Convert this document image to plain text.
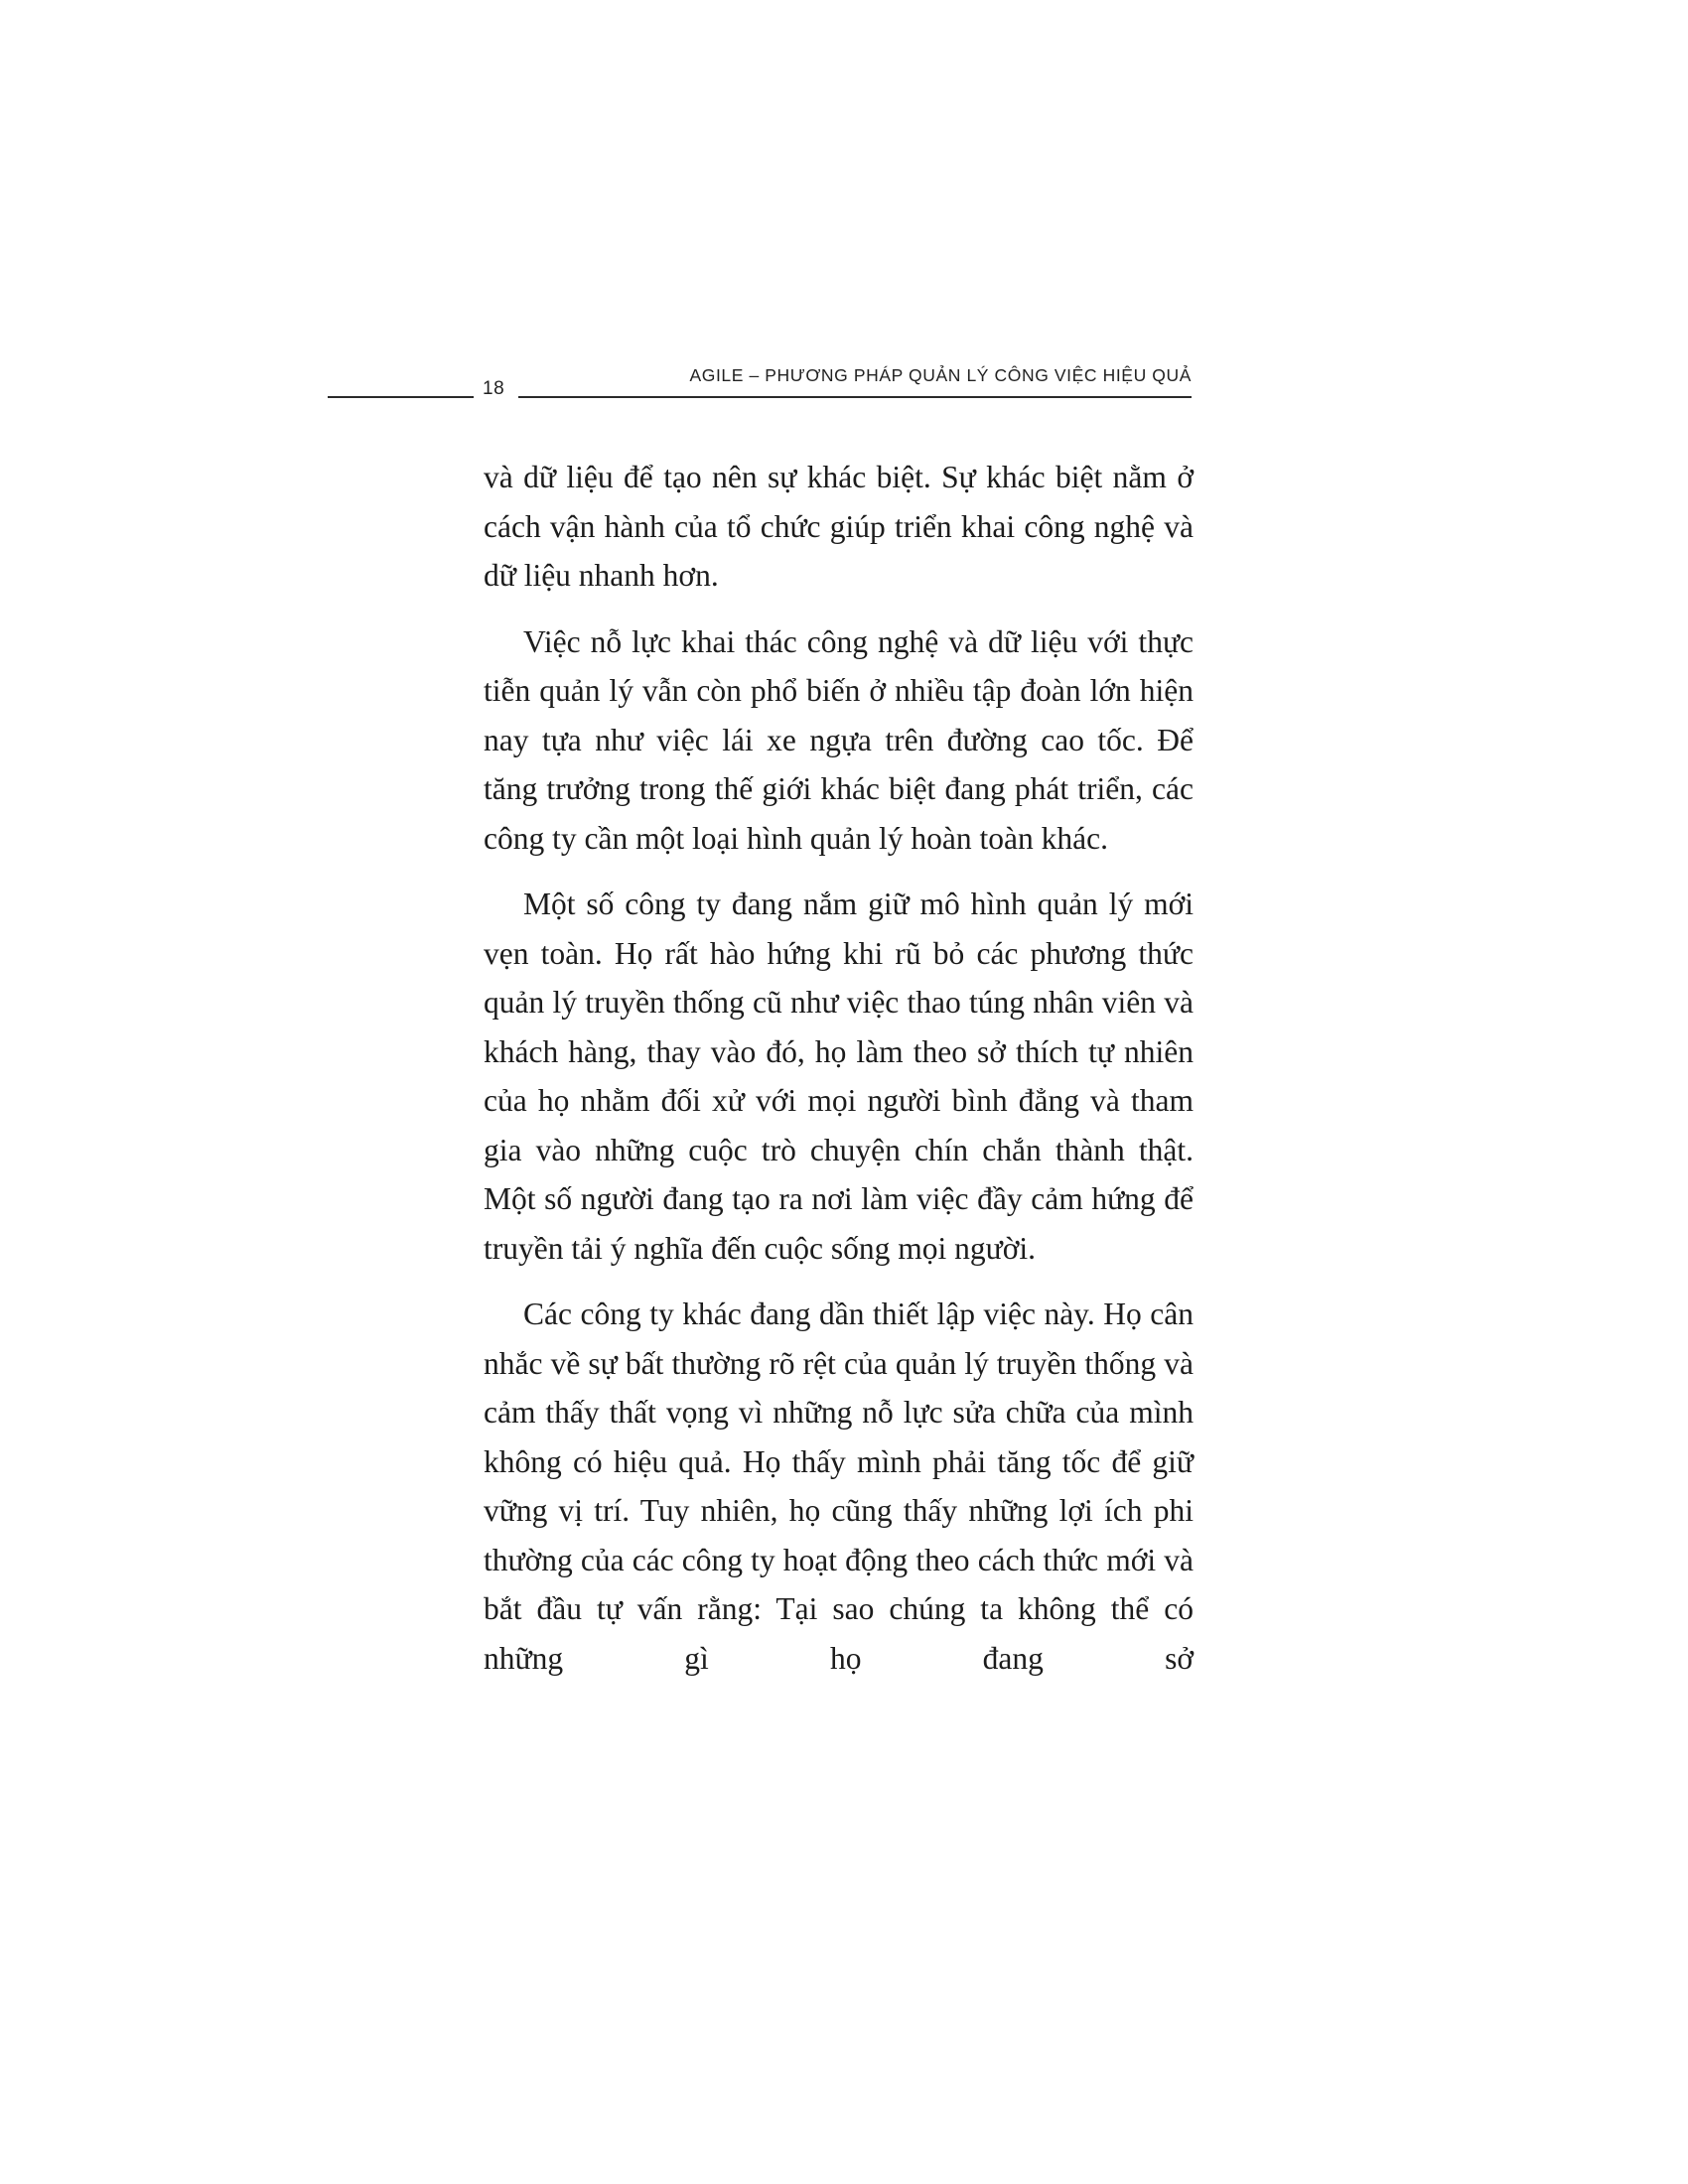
18
AGILE – PHƯƠNG PHÁP QUẢN LÝ CÔNG VIỆC HIỆU QUẢ

và dữ liệu để tạo nên sự khác biệt. Sự khác biệt nằm ở cách vận hành của tổ chức giúp triển khai công nghệ và dữ liệu nhanh hơn.

Việc nỗ lực khai thác công nghệ và dữ liệu với thực tiễn quản lý vẫn còn phổ biến ở nhiều tập đoàn lớn hiện nay tựa như việc lái xe ngựa trên đường cao tốc. Để tăng trưởng trong thế giới khác biệt đang phát triển, các công ty cần một loại hình quản lý hoàn toàn khác.

Một số công ty đang nắm giữ mô hình quản lý mới vẹn toàn. Họ rất hào hứng khi rũ bỏ các phương thức quản lý truyền thống cũ như việc thao túng nhân viên và khách hàng, thay vào đó, họ làm theo sở thích tự nhiên của họ nhằm đối xử với mọi người bình đẳng và tham gia vào những cuộc trò chuyện chín chắn thành thật. Một số người đang tạo ra nơi làm việc đầy cảm hứng để truyền tải ý nghĩa đến cuộc sống mọi người.

Các công ty khác đang dần thiết lập việc này. Họ cân nhắc về sự bất thường rõ rệt của quản lý truyền thống và cảm thấy thất vọng vì những nỗ lực sửa chữa của mình không có hiệu quả. Họ thấy mình phải tăng tốc để giữ vững vị trí. Tuy nhiên, họ cũng thấy những lợi ích phi thường của các công ty hoạt động theo cách thức mới và bắt đầu tự vấn rằng: Tại sao chúng ta không thể có những gì họ đang sở
